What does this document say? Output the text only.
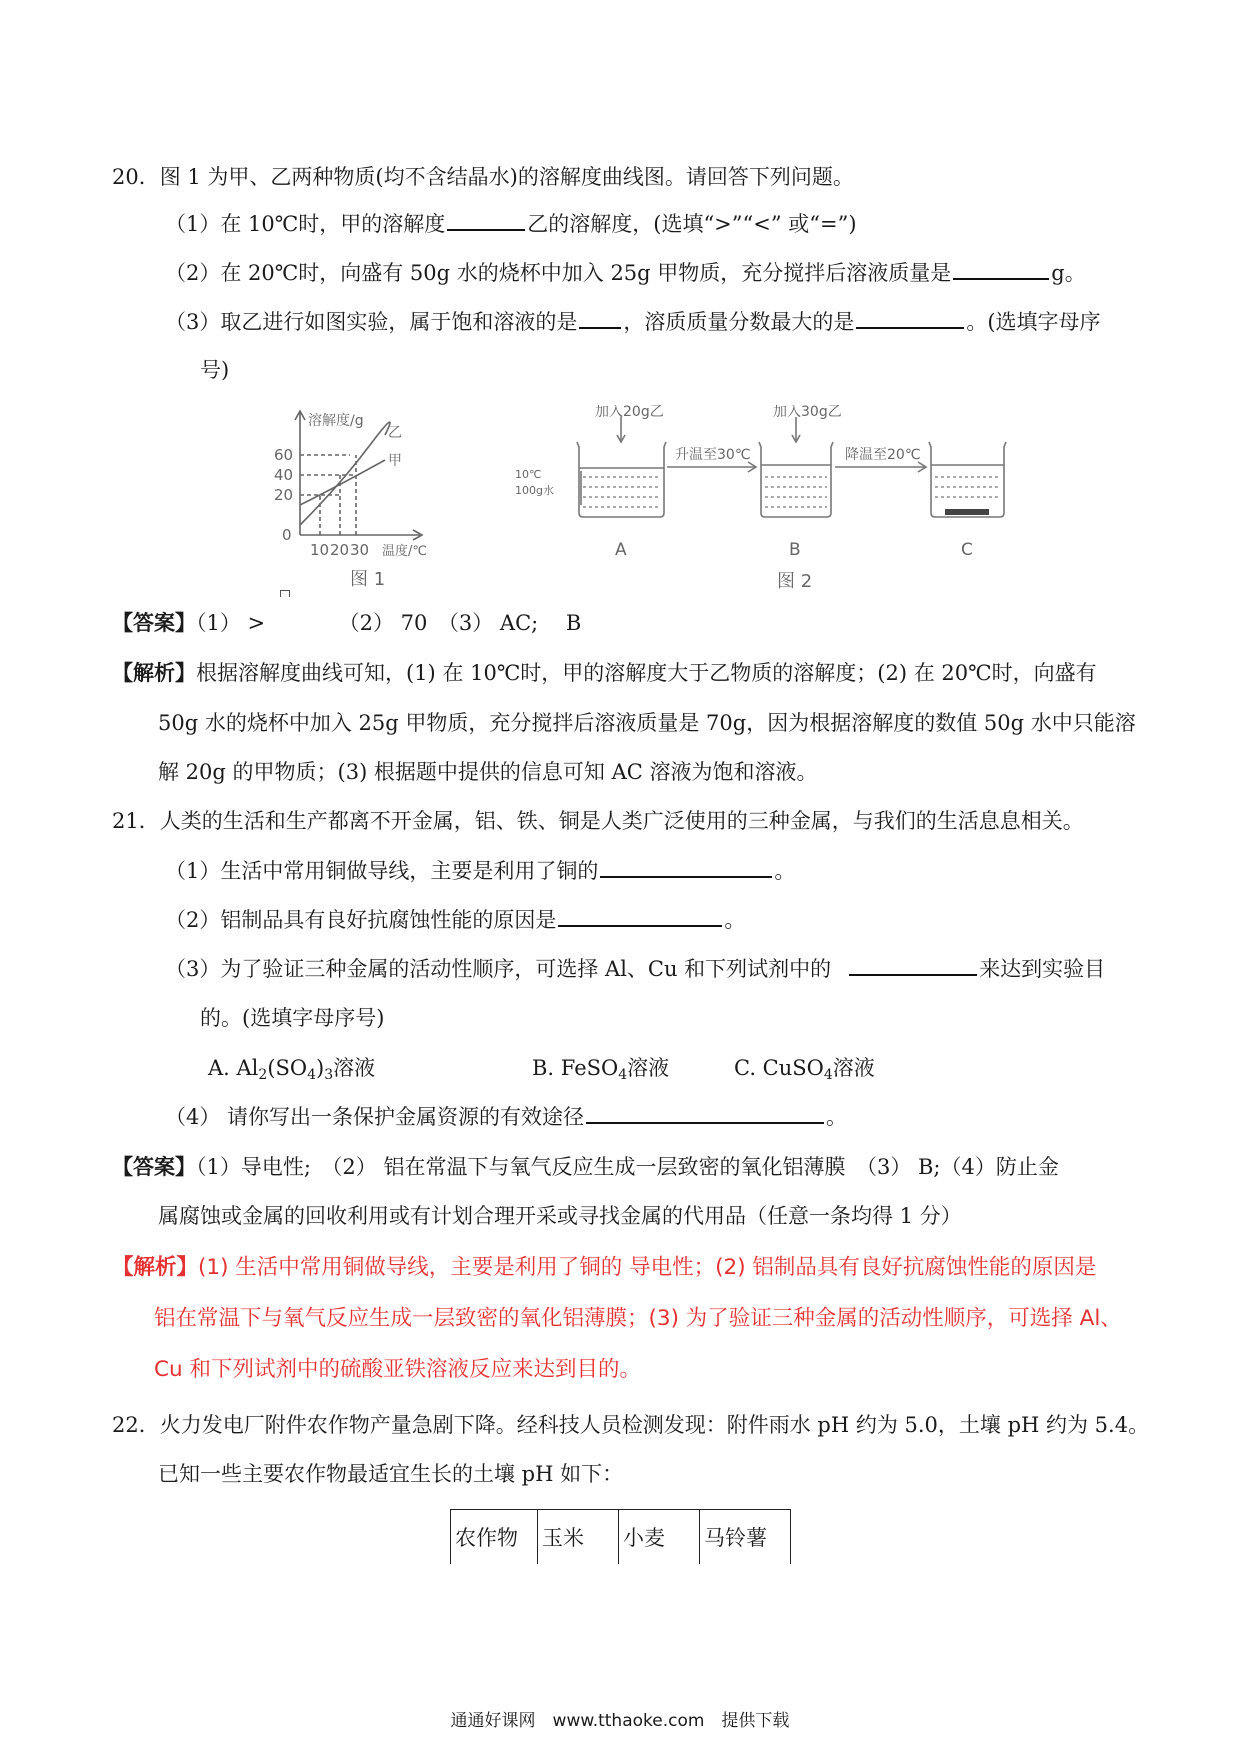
20．图 1 为甲、乙两种物质(均不含结晶水)的溶解度曲线图。请回答下列问题。
（1）在 10℃时，甲的溶解度	乙的溶解度，(选填“>”“<” 或“=”)
（2）在 20℃时，向盛有 50g 水的烧杯中加入 25g 甲物质，充分搅拌后溶液质量是	g。
（3）取乙进行如图实验，属于饱和溶液的是 ，溶质质量分数最大的是	。(选填字母序
号)
60
40
20
0
10 20 30 温度/℃
溶解度/g
乙
甲
图 1
加入20g乙	加入30g乙
升温至30℃	降温至20℃
10℃
100g水
A	B	C
图 2
【答案】（1） >　　　　（2） 70　（3） AC;　 B
【解析】根据溶解度曲线可知，(1) 在 10℃时，甲的溶解度大于乙物质的溶解度；(2) 在 20℃时，向盛有
50g 水的烧杯中加入 25g 甲物质，充分搅拌后溶液质量是 70g，因为根据溶解度的数值 50g 水中只能溶
解 20g 的甲物质；(3) 根据题中提供的信息可知 AC 溶液为饱和溶液。
21．人类的生活和生产都离不开金属，铝、铁、铜是人类广泛使用的三种金属，与我们的生活息息相关。
（1）生活中常用铜做导线，主要是利用了铜的	。
（2）铝制品具有良好抗腐蚀性能的原因是	。
（3）为了验证三种金属的活动性顺序，可选择 Al、Cu 和下列试剂中的	来达到实验目
的。(选填字母序号)
A. $Al_2(SO_4)_3$溶液	B. FeSO$_4$溶液	C. CuSO$_4$溶液
（4） 请你写出一条保护金属资源的有效途径	。
【答案】（1）导电性;　（2） 铝在常温下与氧气反应生成一层致密的氧化铝薄膜　（3） B;（4）防止金
属腐蚀或金属的回收利用或有计划合理开采或寻找金属的代用品（任意一条均得 1 分）
【解析】(1) 生活中常用铜做导线，主要是利用了铜的 导电性；(2) 铝制品具有良好抗腐蚀性能的原因是
铝在常温下与氧气反应生成一层致密的氧化铝薄膜；(3) 为了验证三种金属的活动性顺序，可选择 Al、
Cu 和下列试剂中的硫酸亚铁溶液反应来达到目的。
22．火力发电厂附件农作物产量急剧下降。经科技人员检测发现：附件雨水 pH 约为 5.0，土壤 pH 约为 5.4。
已知一些主要农作物最适宜生长的土壤 pH 如下：
农作物	玉米	小麦	马铃薯
通通好课网　www.tthaoke.com　提供下载
